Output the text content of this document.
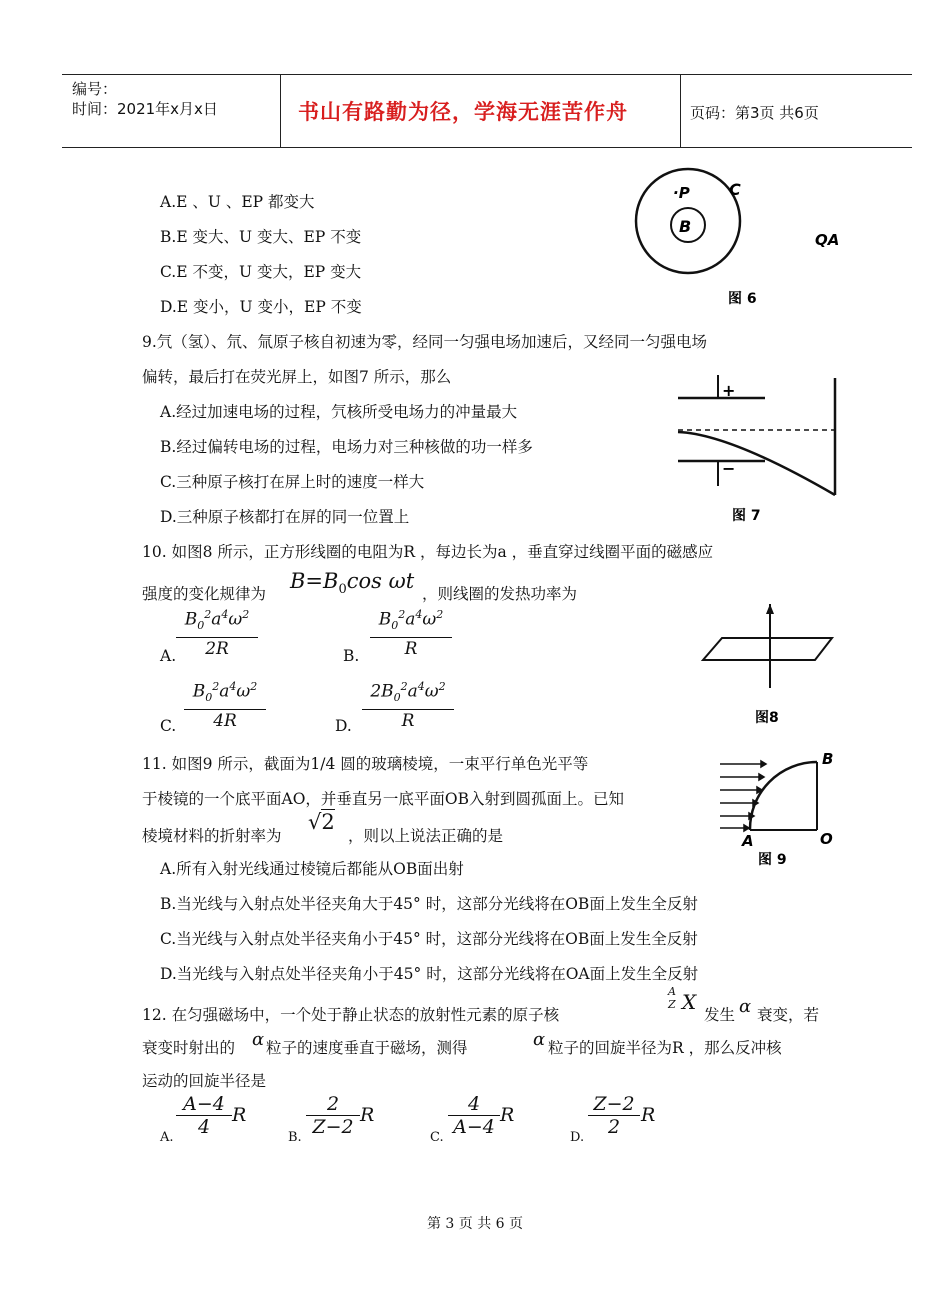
编号：
时间：2021年x月x日	书山有路勤为径，学海无涯苦作舟	页码：第3页 共6页
A.E 、U 、EP 都变大
B.E 变大、U 变大、EP 不变
C.E 不变，U 变大，EP 变大
D.E 变小，U 变小，EP 不变
B
·P C
QA
图 6
9.氕（氢）、氘、氚原子核自初速为零，经同一匀强电场加速后，又经同一匀强电场
偏转，最后打在荧光屏上，如图7 所示，那么
A.经过加速电场的过程，氕核所受电场力的冲量最大
B.经过偏转电场的过程，电场力对三种核做的功一样多
C.三种原子核打在屏上时的速度一样大
D.三种原子核都打在屏的同一位置上
+
−
图 7
10. 如图8 所示，正方形线圈的电阻为R ，每边长为a ，垂直穿过线圈平面的磁感应
强度的变化规律为
$B=B_0\cos$ ωt
，则线圈的发热功率为
A. $\frac{B_0^2a^4\omega^2}{2R}$	B. $\frac{B_0^2a^4\omega^2}{R}$
C. $\frac{B_0^2a^4\omega^2}{4R}$	D. $\frac{2B_0^2a^4\omega^2}{R}$	图8
11. 如图9 所示，截面为1/4 圆的玻璃棱境，一束平行单色光平等
于棱镜的一个底平面AO，并垂直另一底平面OB入射到圆孤面上。已知
棱境材料的折射率为
√2
，则以上说法正确的是
A.所有入射光线通过棱镜后都能从OB面出射
B.当光线与入射点处半径夹角大于45° 时，这部分光线将在OB面上发生全反射
C.当光线与入射点处半径夹角小于45° 时，这部分光线将在OB面上发生全反射
D.当光线与入射点处半径夹角小于45° 时，这部分光线将在OA面上发生全反射
B
A	O
图 9
12. 在匀强磁场中，一个处于静止状态的放射性元素的原子核
A
Z X
发生 α 衰变，若
衰变时射出的 α 粒子的速度垂直于磁场，测得	α 粒子的回旋半径为R ，那么反冲核
运动的回旋半径是
A. $\frac{A-4}{4}$ R
B. $\frac{2}{Z-2}$ R
C. $\frac{4}{A-4}$ R
D. $\frac{Z-2}{2}$ R
第 3 页 共 6 页
